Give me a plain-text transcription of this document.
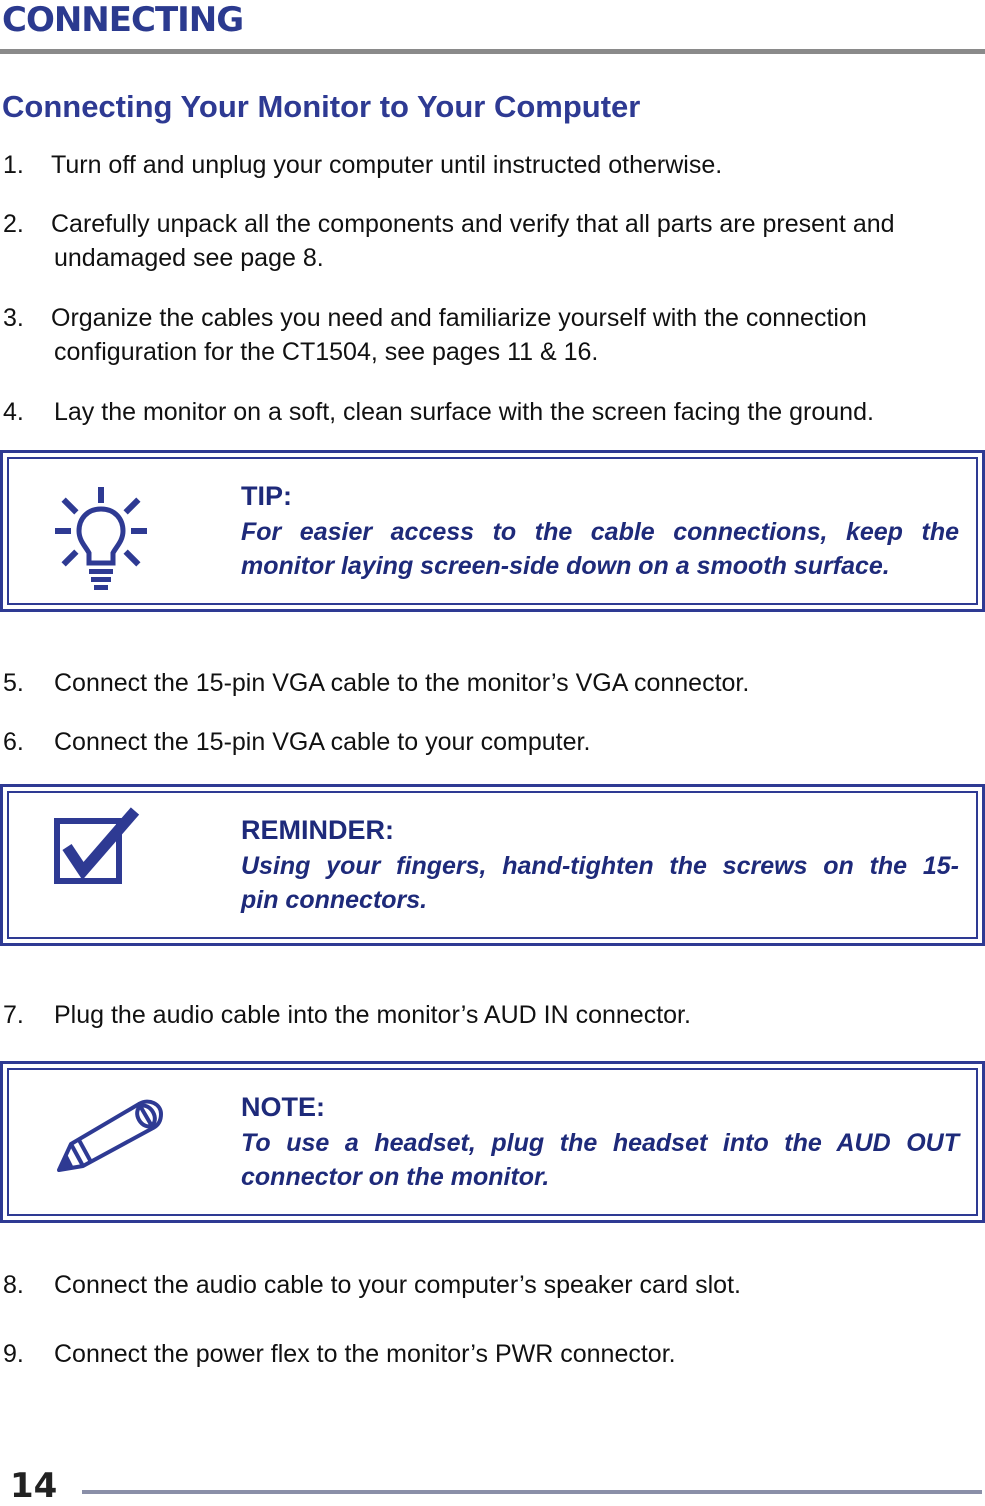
CONNECTING
Connecting Your Monitor to Your Computer
1. Turn off and unplug your computer until instructed otherwise.
2. Carefully unpack all the components and verify that all parts are present and
undamaged see page 8.
3. Organize the cables you need and familiarize yourself with the connection
configuration for the CT1504, see pages 11 & 16.
4. Lay the monitor on a soft, clean surface with the screen facing the ground.
TIP:
For easier access to the cable connections, keep the
monitor laying screen-side down on a smooth surface.
5. Connect the 15-pin VGA cable to the monitor’s VGA connector.
6. Connect the 15-pin VGA cable to your computer.
REMINDER:
Using your fingers, hand-tighten the screws on the 15-
pin connectors.
7. Plug the audio cable into the monitor’s AUD IN connector.
NOTE:
To use a headset, plug the headset into the AUD OUT
connector on the monitor.
8. Connect the audio cable to your computer’s speaker card slot.
9. Connect the power flex to the monitor’s PWR connector.
14
